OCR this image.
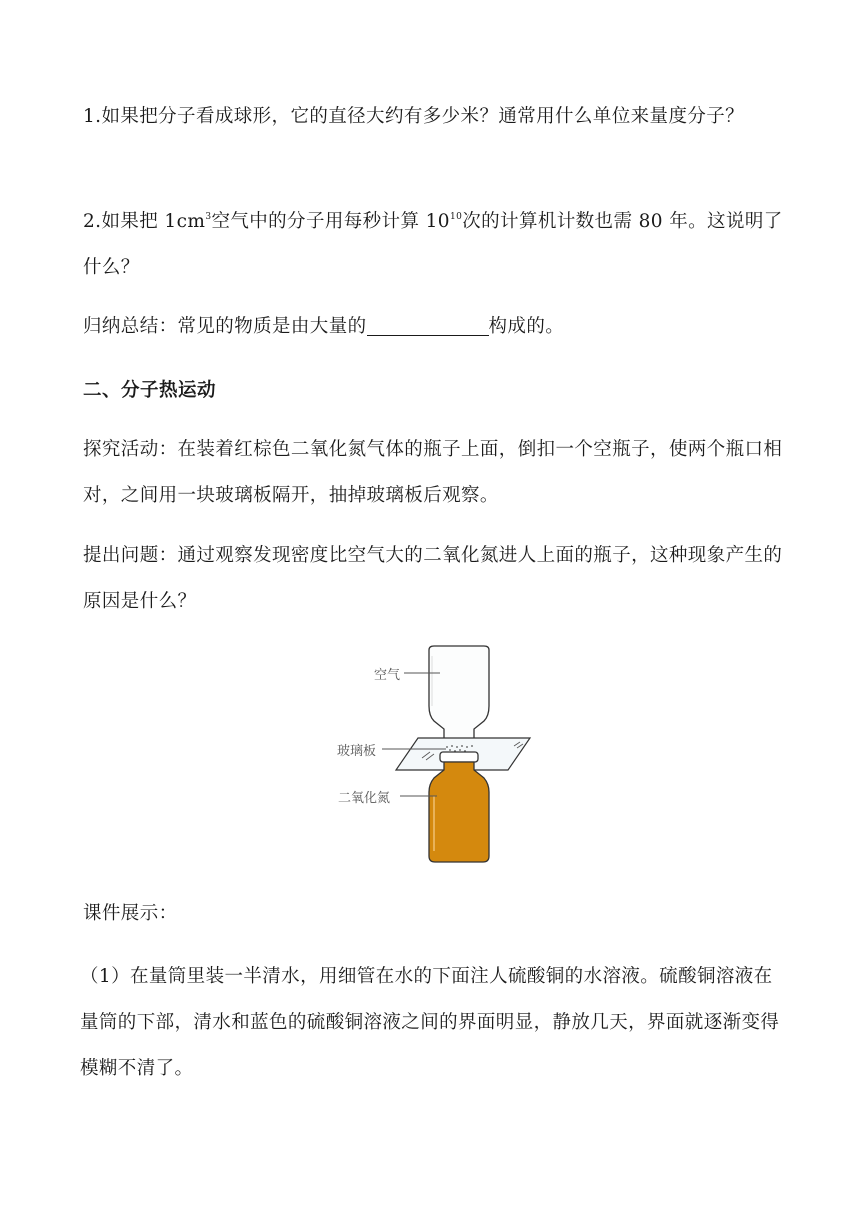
1.如果把分子看成球形，它的直径大约有多少米？通常用什么单位来量度分子？

2.如果把 $1cm^3$空气中的分子用每秒计算 $10^{10}$次的计算机计数也需 80 年。这说明了什么？

归纳总结：常见的物质是由大量的	构成的。

二、分子热运动

探究活动：在装着红棕色二氧化氮气体的瓶子上面，倒扣一个空瓶子，使两个瓶口相对，之间用一块玻璃板隔开，抽掉玻璃板后观察。

提出问题：通过观察发现密度比空气大的二氧化氮进人上面的瓶子，这种现象产生的原因是什么？

空气
玻璃板
二氧化氮

课件展示：

（1）在量筒里装一半清水，用细管在水的下面注人硫酸铜的水溶液。硫酸铜溶液在量筒的下部，清水和蓝色的硫酸铜溶液之间的界面明显，静放几天，界面就逐渐变得模糊不清了。
